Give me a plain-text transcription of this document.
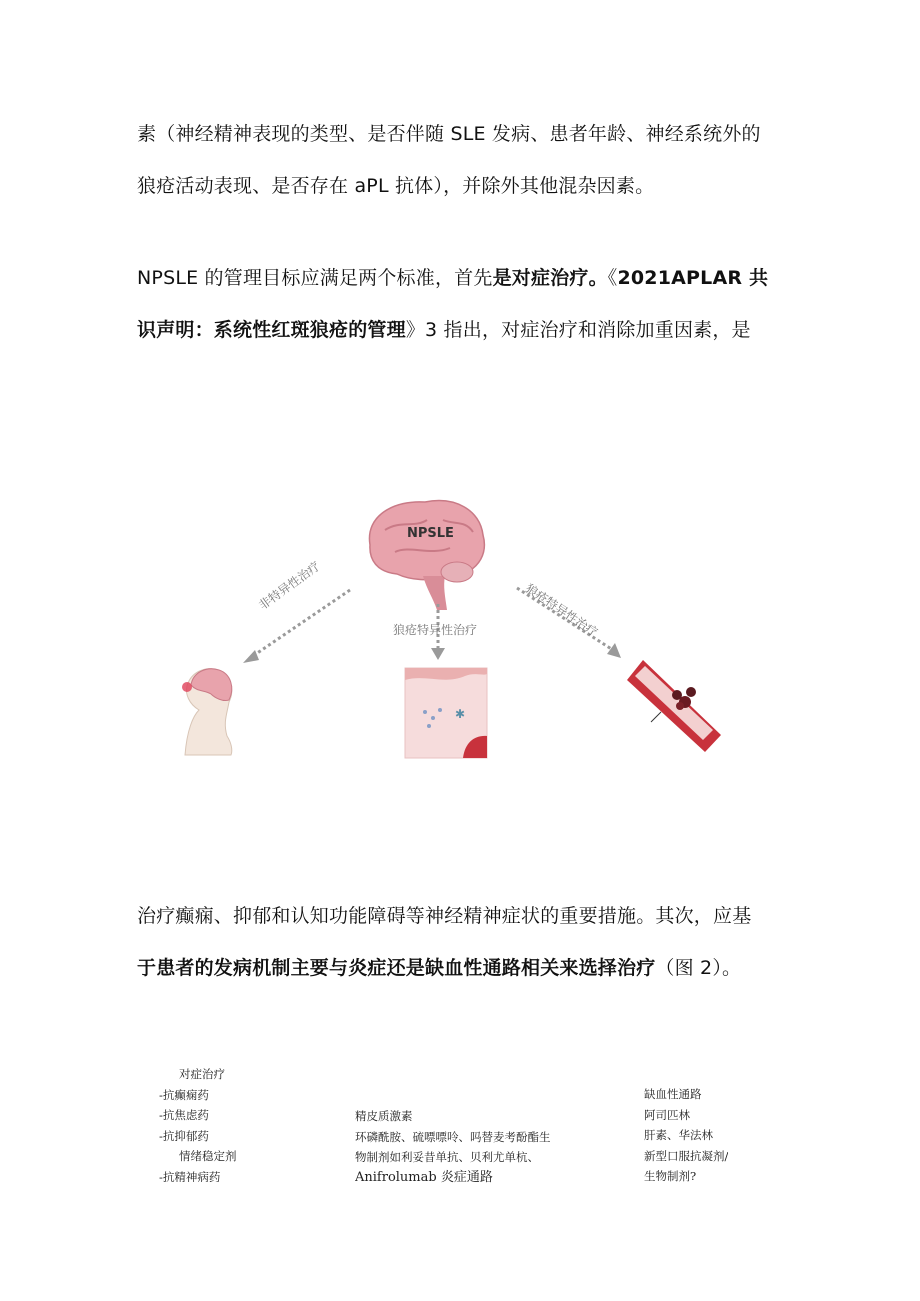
素（神经精神表现的类型、是否伴随 SLE 发病、患者年龄、神经系统外的

狼疮活动表现、是否存在 aPL 抗体），并除外其他混杂因素。

NPSLE 的管理目标应满足两个标准，首先是对症治疗。《2021APLAR 共

识声明：系统性红斑狼疮的管理》3 指出，对症治疗和消除加重因素，是

✱
NPSLE
非特异性治疗
狼疮特异性治疗	狼疮特异性治疗

治疗癫痫、抑郁和认知功能障碍等神经精神症状的重要措施。其次，应基

于患者的发病机制主要与炎症还是缺血性通路相关来选择治疗（图 2）。

对症治疗
-抗癫痫药
-抗焦虑药
-抗抑郁药
情绪稳定剂
-抗精神病药
精皮质激素
环磷酰胺、硫嘌嘌呤、吗替麦考酚酯生
物制剂如利妥昔单抗、贝利尤单杭、
Anifrolumab 炎症通路
缺血性通路
阿司匹林
肝素、华法林
新型口服抗凝剂/
生物制剂?
